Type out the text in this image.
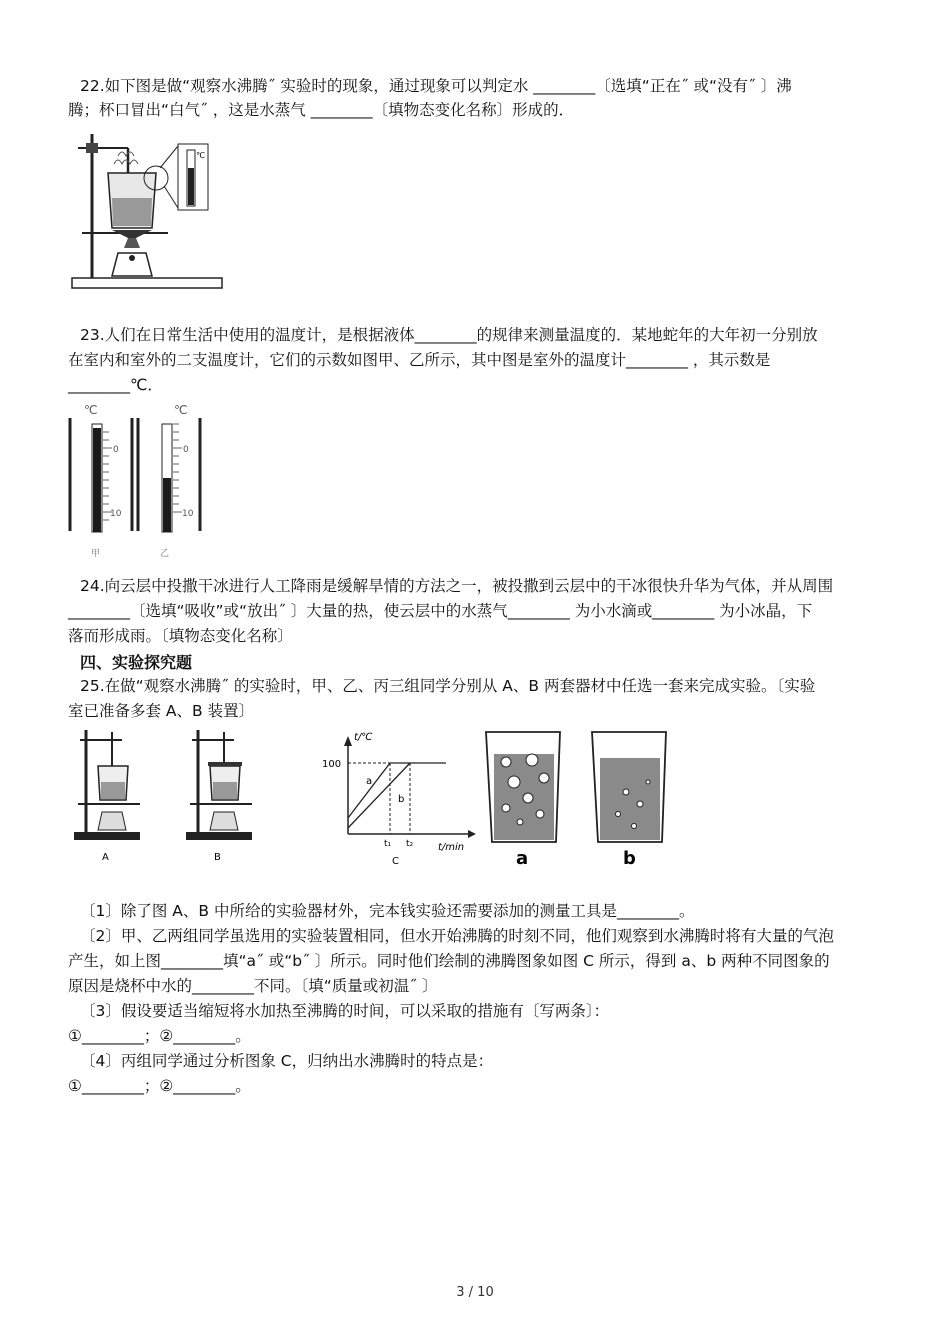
22.如下图是做“观察水沸腾˝ 实验时的现象，通过现象可以判定水 ________〔选填“正在˝ 或“没有˝ 〕沸
腾；杯口冒出“白气˝ ，这是水蒸气 ________〔填物态变化名称〕形成的．
℃
23.人们在日常生活中使用的温度计，是根据液体________的规律来测量温度的．某地蛇年的大年初一分别放
在室内和室外的二支温度计，它们的示数如图甲、乙所示，其中图是室外的温度计________ ，其示数是
________℃．
℃	℃
0
10
0
10
甲	乙
24.向云层中投撒干冰进行人工降雨是缓解旱情的方法之一，被投撒到云层中的干冰很快升华为气体，并从周围
________〔选填“吸收”或“放出˝ 〕大量的热，使云层中的水蒸气________ 为小水滴或________ 为小冰晶，下
落而形成雨。〔填物态变化名称〕
四、实验探究题
25.在做“观察水沸腾˝ 的实验时，甲、乙、丙三组同学分别从 A、B 两套器材中任选一套来完成实验。〔实验
室已准备多套 A、B 装置〕
A	B
t/℃
100
a
b
t₁ t₂ t/min
C	a	b
〔1〕除了图 A、B 中所给的实验器材外，完本钱实验还需要添加的测量工具是________。
〔2〕甲、乙两组同学虽选用的实验装置相同，但水开始沸腾的时刻不同，他们观察到水沸腾时将有大量的气泡
产生，如上图________填“a˝ 或“b˝ 〕所示。同时他们绘制的沸腾图象如图 C 所示，得到 a、b 两种不同图象的
原因是烧杯中水的________不同。〔填“质量或初温˝ 〕
〔3〕假设要适当缩短将水加热至沸腾的时间，可以采取的措施有〔写两条〕：
①________；②________。
〔4〕丙组同学通过分析图象 C，归纳出水沸腾时的特点是：
①________；②________。
3 / 10
